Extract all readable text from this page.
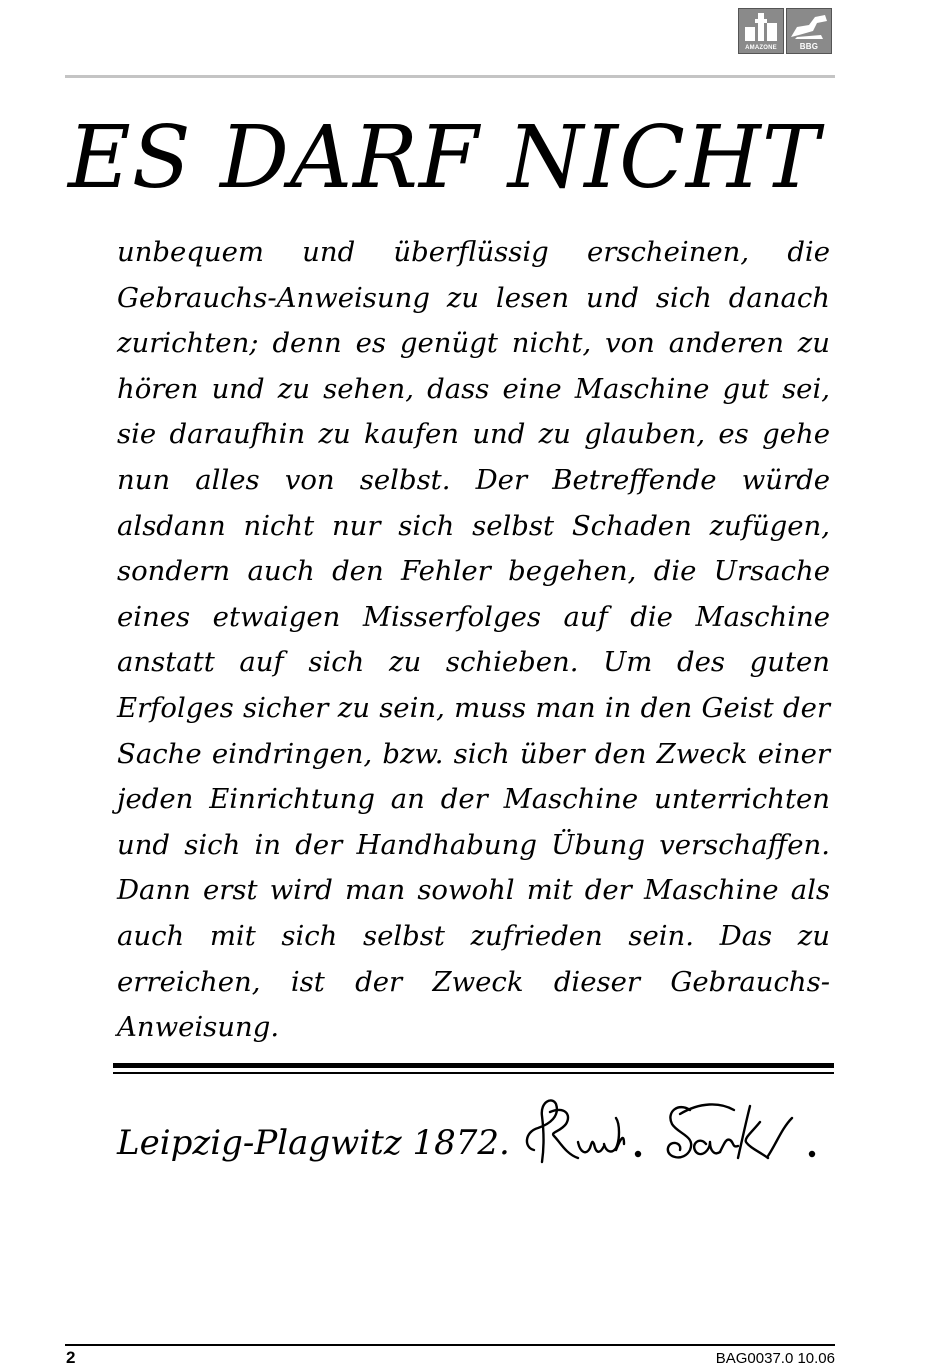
AMAZONE	BBG
ES DARF NICHT

unbequem und überflüssig erscheinen, die Gebrauchs-Anweisung zu lesen und sich danach zurichten; denn es genügt nicht, von anderen zu hören und zu sehen, dass eine Maschine gut sei, sie daraufhin zu kaufen und zu glauben, es gehe nun alles von selbst. Der Betreffende würde alsdann nicht nur sich selbst Schaden zufügen, sondern auch den Fehler begehen, die Ursache eines etwaigen Misserfolges auf die Maschine anstatt auf sich zu schieben. Um des guten Erfolges sicher zu sein, muss man in den Geist der Sache eindringen, bzw. sich über den Zweck einer jeden Einrichtung an der Maschine unterrichten und sich in der Handhabung Übung verschaffen. Dann erst wird man sowohl mit der Maschine als auch mit sich selbst zufrieden sein. Das zu erreichen, ist der Zweck dieser Gebrauchs-Anweisung.

Leipzig-Plagwitz 1872.

2	BAG0037.0 10.06
